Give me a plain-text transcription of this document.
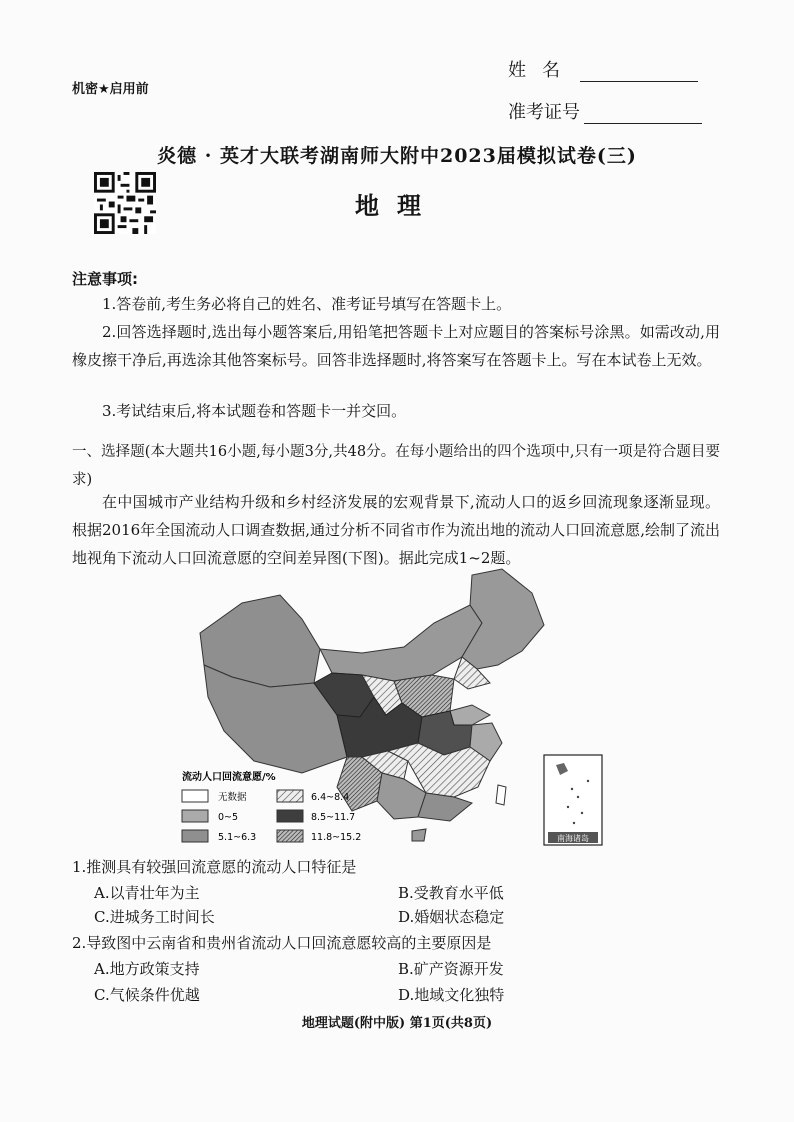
机密★启用前
姓名
准考证号
炎德 · 英才大联考湖南师大附中2023届模拟试卷(三)
地理
注意事项:
1.答卷前,考生务必将自己的姓名、准考证号填写在答题卡上。
2.回答选择题时,选出每小题答案后,用铅笔把答题卡上对应题目的答案标号涂黑。如需改动,用橡皮擦干净后,再选涂其他答案标号。回答非选择题时,将答案写在答题卡上。写在本试卷上无效。
3.考试结束后,将本试题卷和答题卡一并交回。
一、选择题(本大题共16小题,每小题3分,共48分。在每小题给出的四个选项中,只有一项是符合题目要求)
在中国城市产业结构升级和乡村经济发展的宏观背景下,流动人口的返乡回流现象逐渐显现。根据2016年全国流动人口调查数据,通过分析不同省市作为流出地的流动人口回流意愿,绘制了流出地视角下流动人口回流意愿的空间差异图(下图)。据此完成1~2题。
流动人口回流意愿/%
无数据	6.4~8.4
0~5	8.5~11.7
5.1~6.3	11.8~15.2	南海诸岛
1.推测具有较强回流意愿的流动人口特征是
A.以青壮年为主	B.受教育水平低
C.进城务工时间长	D.婚姻状态稳定
2.导致图中云南省和贵州省流动人口回流意愿较高的主要原因是
A.地方政策支持	B.矿产资源开发
C.气候条件优越	D.地域文化独特
地理试题(附中版) 第1页(共8页)
